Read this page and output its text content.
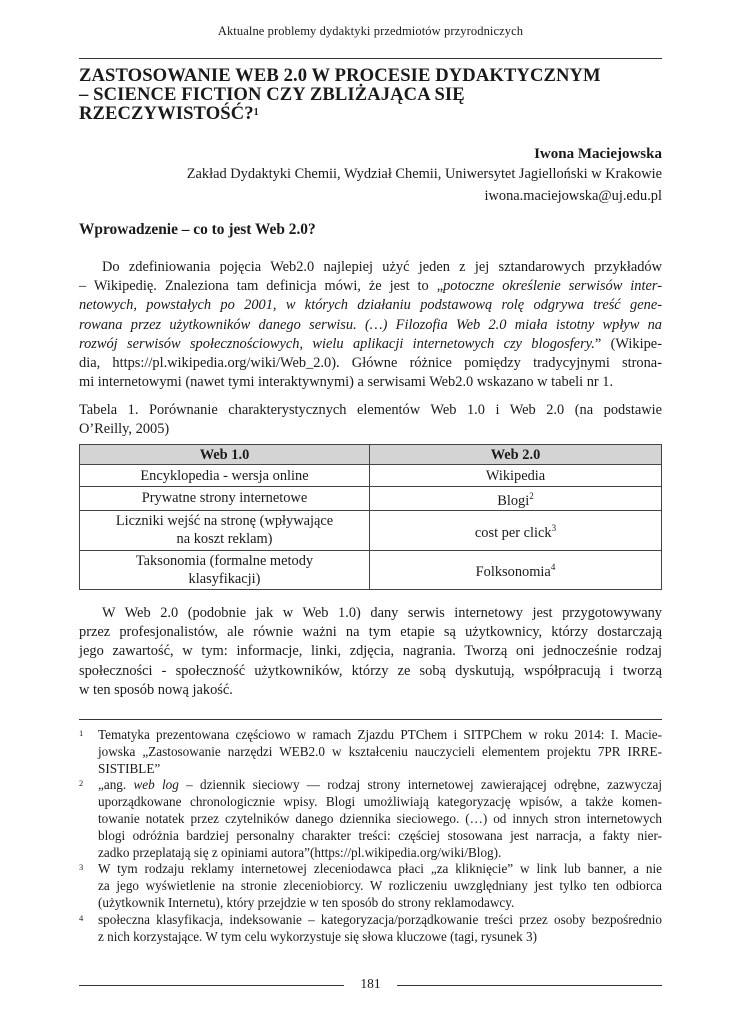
Aktualne problemy dydaktyki przedmiotów przyrodniczych
ZASTOSOWANIE WEB 2.0 W PROCESIE DYDAKTYCZNYM
– SCIENCE FICTION CZY ZBLIŻAJĄCA SIĘ
RZECZYWISTOŚĆ?$^1$
Iwona Maciejowska
Zakład Dydaktyki Chemii, Wydział Chemii, Uniwersytet Jagielloński w Krakowie
iwona.maciejowska@uj.edu.pl
Wprowadzenie – co to jest Web 2.0?
Do zdefiniowania pojęcia Web2.0 najlepiej użyć jeden z jej sztandarowych przykładów
– Wikipedię. Znaleziona tam definicja mówi, że jest to „potoczne określenie serwisów inter-
netowych, powstałych po 2001, w których działaniu podstawową rolę odgrywa treść gene-
rowana przez użytkowników danego serwisu. (…) Filozofia Web 2.0 miała istotny wpływ na
rozwój serwisów społecznościowych, wielu aplikacji internetowych czy blogosfery.” (Wikipe-
dia, https://pl.wikipedia.org/wiki/Web_2.0). Główne różnice pomiędzy tradycyjnymi strona-
mi internetowymi (nawet tymi interaktywnymi) a serwisami Web2.0 wskazano w tabeli nr 1.
Tabela 1. Porównanie charakterystycznych elementów Web 1.0 i Web 2.0 (na podstawie
O’Reilly, 2005)
Web 1.0	Web 2.0
Encyklopedia - wersja online	Wikipedia
Prywatne strony internetowe	Blogi$^2$
Liczniki wejść na stronę (wpływające
na koszt reklam)	cost per click$^3$
Taksonomia (formalne metody
klasyfikacji)	Folksonomia$^4$
W Web 2.0 (podobnie jak w Web 1.0) dany serwis internetowy jest przygotowywany
przez profesjonalistów, ale równie ważni na tym etapie są użytkownicy, którzy dostarczają
jego zawartość, w tym: informacje, linki, zdjęcia, nagrania. Tworzą oni jednocześnie rodzaj
społeczności - społeczność użytkowników, którzy ze sobą dyskutują, współpracują i tworzą
w ten sposób nową jakość.
1 Tematyka prezentowana częściowo w ramach Zjazdu PTChem i SITPChem w roku 2014: I. Macie-
jowska „Zastosowanie narzędzi WEB2.0 w kształceniu nauczycieli elementem projektu 7PR IRRE-
SISTIBLE”
2 „ang. web log – dziennik sieciowy — rodzaj strony internetowej zawierającej odrębne, zazwyczaj
uporządkowane chronologicznie wpisy. Blogi umożliwiają kategoryzację wpisów, a także komen-
towanie notatek przez czytelników danego dziennika sieciowego. (…) od innych stron internetowych
blogi odróżnia bardziej personalny charakter treści: częściej stosowana jest narracja, a fakty nier-
zadko przeplatają się z opiniami autora”(https://pl.wikipedia.org/wiki/Blog).
3 W tym rodzaju reklamy internetowej zleceniodawca płaci „za kliknięcie” w link lub banner, a nie
za jego wyświetlenie na stronie zleceniobiorcy. W rozliczeniu uwzględniany jest tylko ten odbiorca
(użytkownik Internetu), który przejdzie w ten sposób do strony reklamodawcy.
4 społeczna klasyfikacja, indeksowanie – kategoryzacja/porządkowanie treści przez osoby bezpośrednio
z nich korzystające. W tym celu wykorzystuje się słowa kluczowe (tagi, rysunek 3)
181
